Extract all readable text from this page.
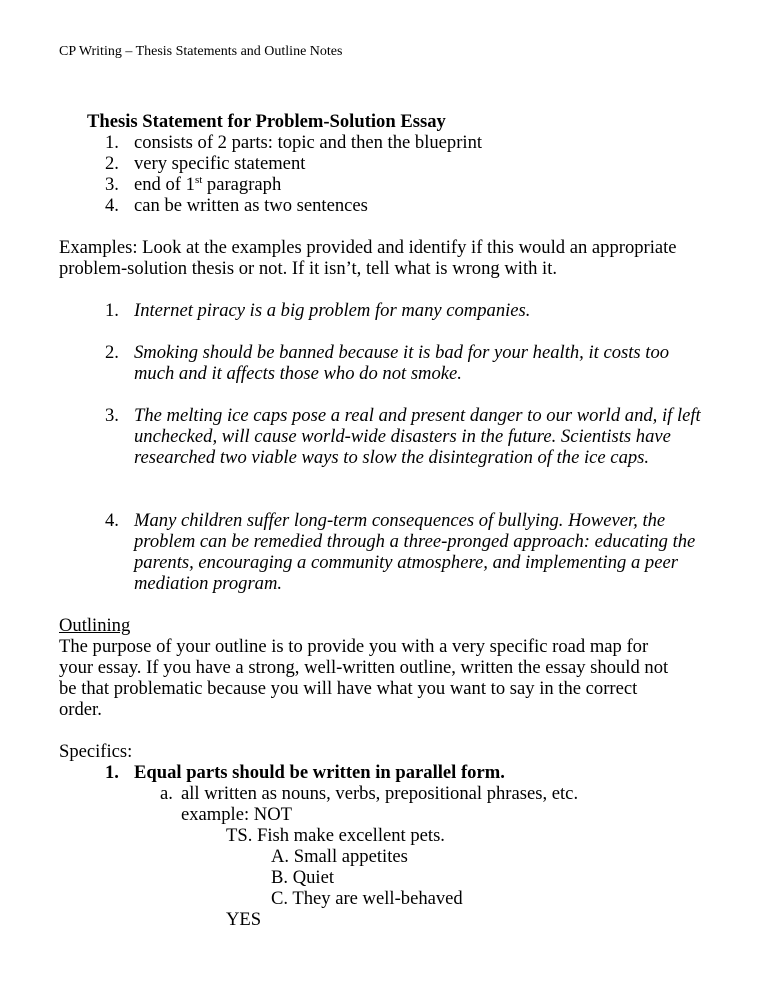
CP Writing – Thesis Statements and Outline Notes
Thesis Statement for Problem-Solution Essay
1. consists of 2 parts: topic and then the blueprint
2. very specific statement
3. end of 1st paragraph
4. can be written as two sentences
Examples: Look at the examples provided and identify if this would an appropriate
problem-solution thesis or not. If it isn’t, tell what is wrong with it.
1. Internet piracy is a big problem for many companies.
2. Smoking should be banned because it is bad for your health, it costs too
much and it affects those who do not smoke.
3. The melting ice caps pose a real and present danger to our world and, if left
unchecked, will cause world-wide disasters in the future. Scientists have
researched two viable ways to slow the disintegration of the ice caps.
4. Many children suffer long-term consequences of bullying. However, the
problem can be remedied through a three-pronged approach: educating the
parents, encouraging a community atmosphere, and implementing a peer
mediation program.
Outlining
The purpose of your outline is to provide you with a very specific road map for
your essay. If you have a strong, well-written outline, written the essay should not
be that problematic because you will have what you want to say in the correct
order.
Specifics:
1. Equal parts should be written in parallel form.
a. all written as nouns, verbs, prepositional phrases, etc.
example: NOT
TS. Fish make excellent pets.
A. Small appetites
B. Quiet
C. They are well-behaved
YES
